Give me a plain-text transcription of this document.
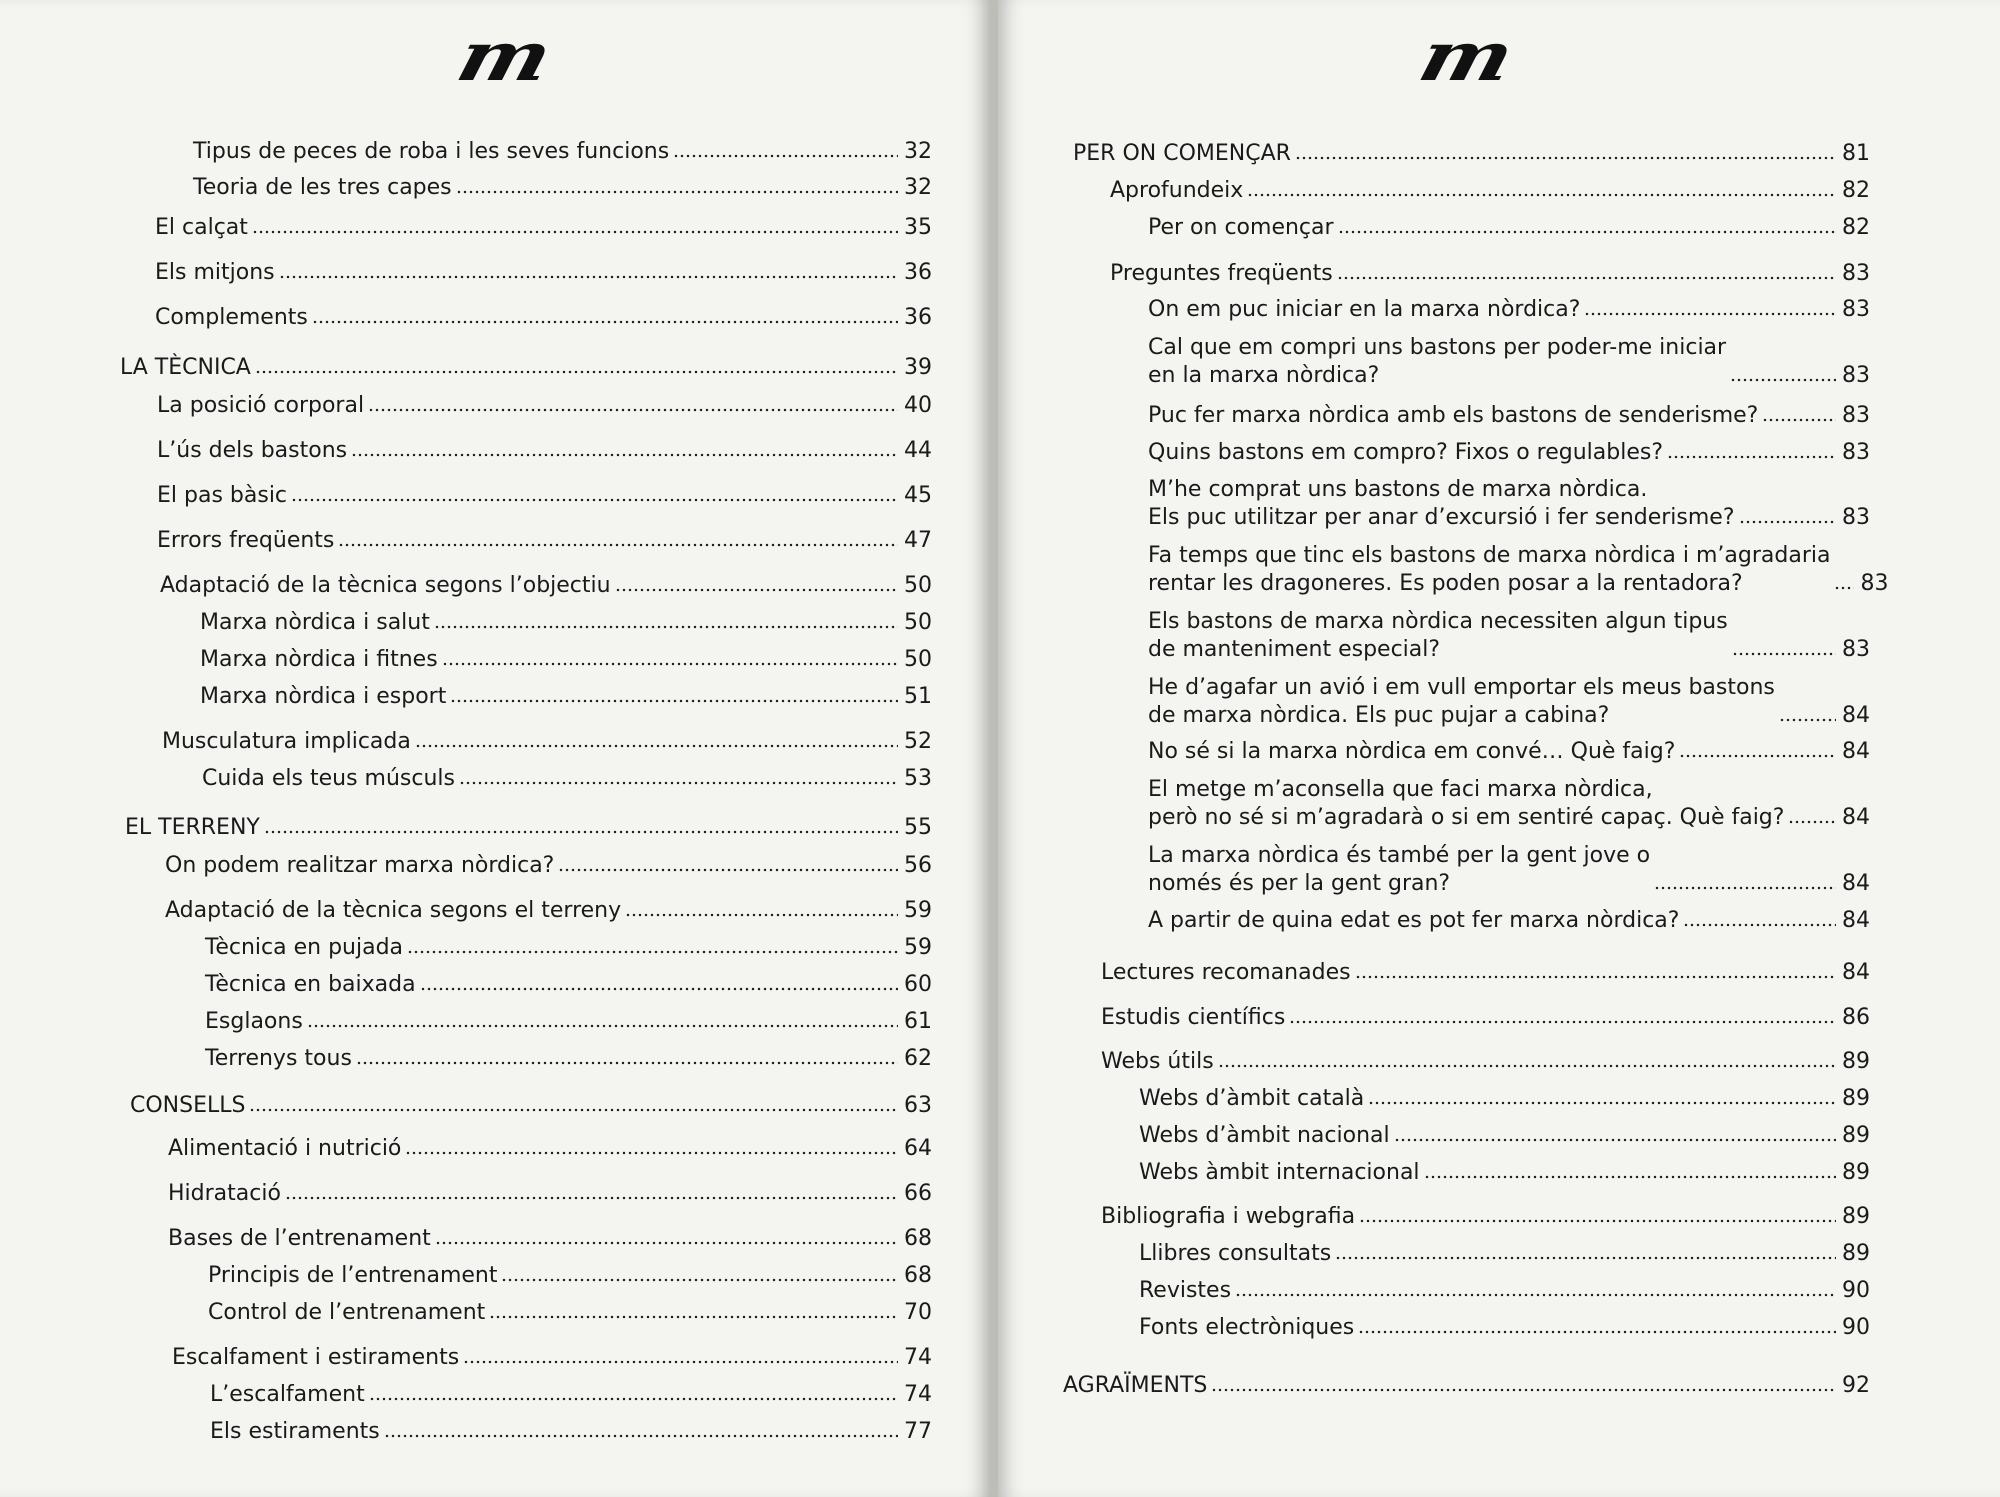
m
Tipus de peces de roba i les seves funcions	32
Teoria de les tres capes	32
El calçat	35
Els mitjons	36
Complements	36
LA TÈCNICA	39
La posició corporal	40
L’ús dels bastons	44
El pas bàsic	45
Errors freqüents	47
Adaptació de la tècnica segons l’objectiu	50
Marxa nòrdica i salut	50
Marxa nòrdica i fitnes	50
Marxa nòrdica i esport	51
Musculatura implicada	52
Cuida els teus músculs	53
EL TERRENY	55
On podem realitzar marxa nòrdica?	56
Adaptació de la tècnica segons el terreny	59
Tècnica en pujada	59
Tècnica en baixada	60
Esglaons	61
Terrenys tous	62
CONSELLS	63
Alimentació i nutrició	64
Hidratació	66
Bases de l’entrenament	68
Principis de l’entrenament	68
Control de l’entrenament	70
Escalfament i estiraments	74
L’escalfament	74
Els estiraments	77
m
PER ON COMENÇAR	81
Aprofundeix	82
Per on començar	82
Preguntes freqüents	83
On em puc iniciar en la marxa nòrdica?	83
Cal que em compri uns bastons per poder-me iniciar
en la marxa nòrdica?	83
Puc fer marxa nòrdica amb els bastons de senderisme?	83
Quins bastons em compro? Fixos o regulables?	83
M’he comprat uns bastons de marxa nòrdica.
Els puc utilitzar per anar d’excursió i fer senderisme?	83
Fa temps que tinc els bastons de marxa nòrdica i m’agradaria
rentar les dragoneres. Es poden posar a la rentadora?	83
Els bastons de marxa nòrdica necessiten algun tipus
de manteniment especial?	83
He d’agafar un avió i em vull emportar els meus bastons
de marxa nòrdica. Els puc pujar a cabina?	84
No sé si la marxa nòrdica em convé… Què faig?	84
El metge m’aconsella que faci marxa nòrdica,
però no sé si m’agradarà o si em sentiré capaç. Què faig?	84
La marxa nòrdica és també per la gent jove o
només és per la gent gran?	84
A partir de quina edat es pot fer marxa nòrdica?	84
Lectures recomanades	84
Estudis científics	86
Webs útils	89
Webs d’àmbit català	89
Webs d’àmbit nacional	89
Webs àmbit internacional	89
Bibliografia i webgrafia	89
Llibres consultats	89
Revistes	90
Fonts electròniques	90
AGRAÏMENTS	92
